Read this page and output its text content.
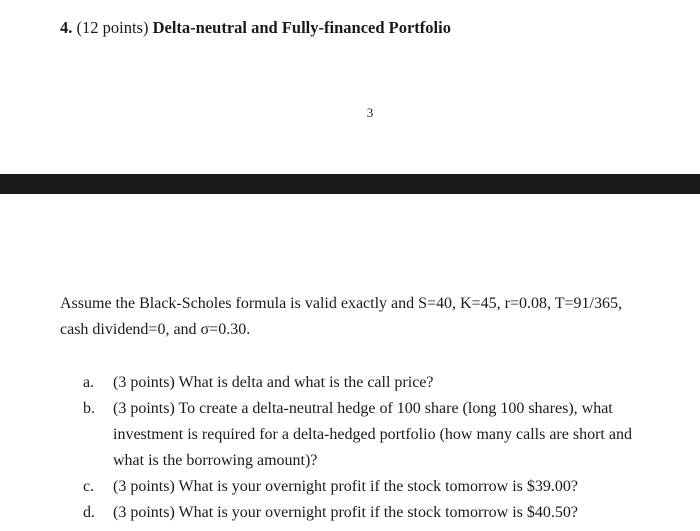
4. (12 points) Delta-neutral and Fully-financed Portfolio
3
Assume the Black-Scholes formula is valid exactly and S=40, K=45, r=0.08, T=91/365,
cash dividend=0, and σ=0.30.
a. (3 points) What is delta and what is the call price?
b. (3 points) To create a delta-neutral hedge of 100 share (long 100 shares), what
investment is required for a delta-hedged portfolio (how many calls are short and
what is the borrowing amount)?
c. (3 points) What is your overnight profit if the stock tomorrow is $39.00?
d. (3 points) What is your overnight profit if the stock tomorrow is $40.50?
